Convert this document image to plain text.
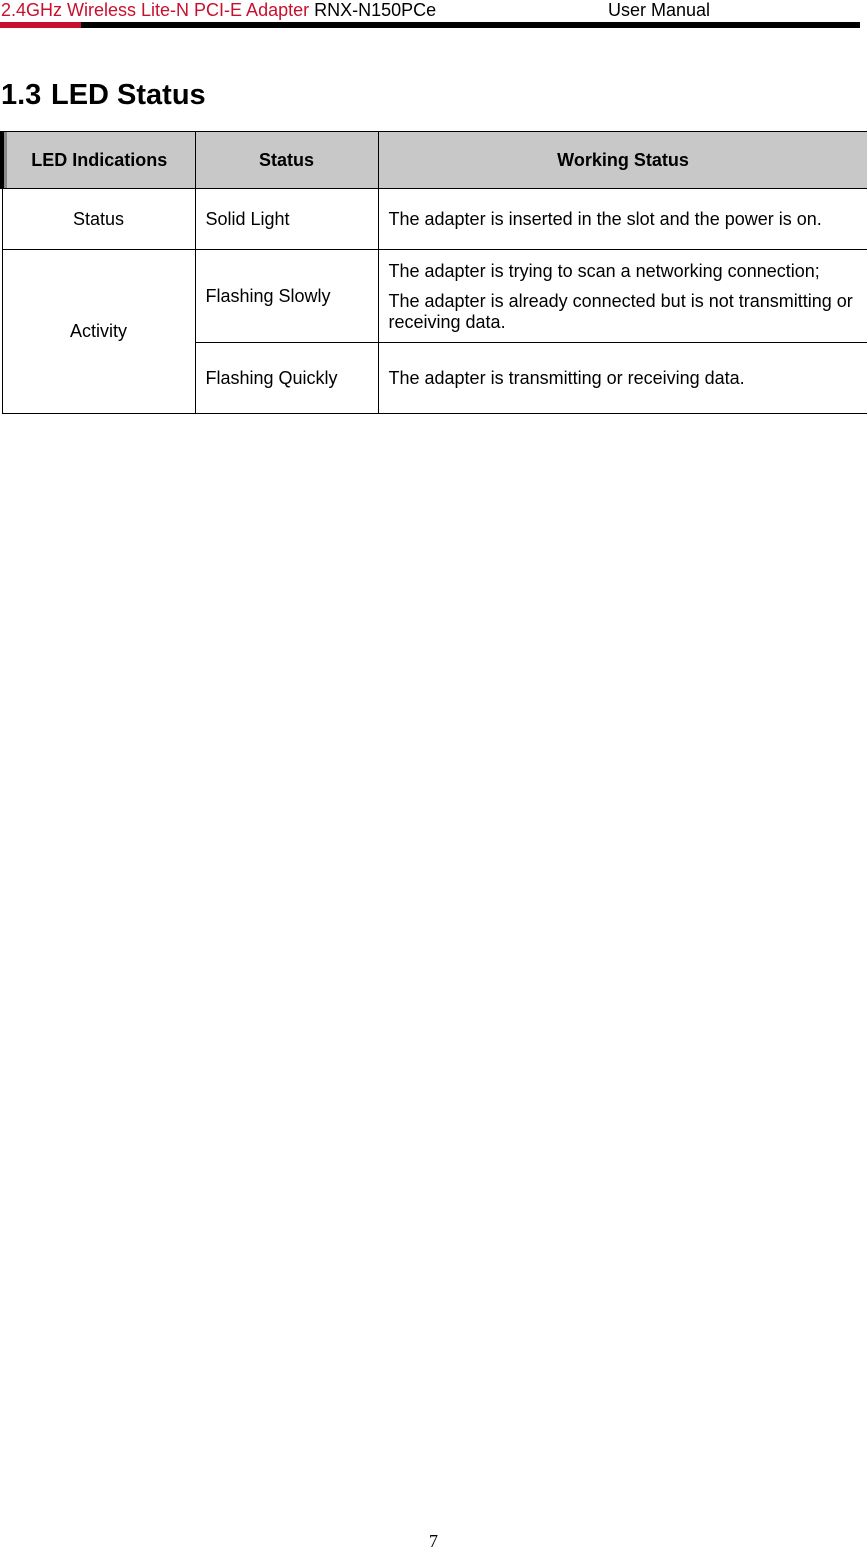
2.4GHz Wireless Lite-N PCI-E Adapter RNX-N150PCe	User Manual
1.3 LED Status
LED Indications	Status	Working Status
Status	Solid Light	The adapter is inserted in the slot and the power is on.

Activity	Flashing Slowly	The adapter is trying to scan a networking connection;

The adapter is already connected but is not transmitting or receiving data.

	Flashing Quickly	The adapter is transmitting or receiving data.

7
